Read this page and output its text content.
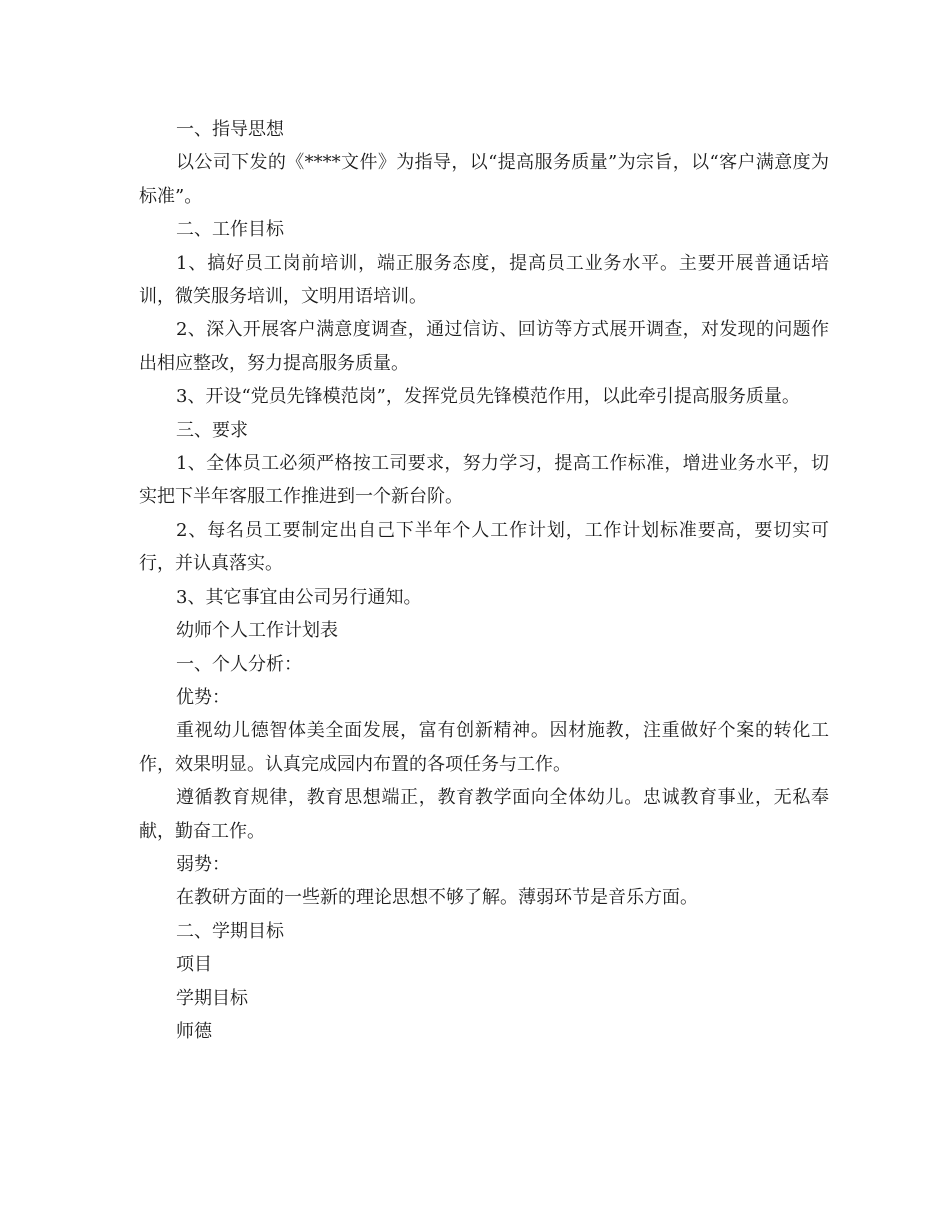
一、指导思想

以公司下发的《****文件》为指导，以“提高服务质量”为宗旨，以“客户满意度为标准”。

二、工作目标

1、搞好员工岗前培训，端正服务态度，提高员工业务水平。主要开展普通话培训，微笑服务培训，文明用语培训。

2、深入开展客户满意度调查，通过信访、回访等方式展开调查，对发现的问题作出相应整改，努力提高服务质量。

3、开设“党员先锋模范岗”，发挥党员先锋模范作用，以此牵引提高服务质量。

三、要求

1、全体员工必须严格按工司要求，努力学习，提高工作标准，增进业务水平，切实把下半年客服工作推进到一个新台阶。

2、每名员工要制定出自己下半年个人工作计划，工作计划标准要高，要切实可行，并认真落实。

3、其它事宜由公司另行通知。

幼师个人工作计划表

一、个人分析：

优势：

重视幼儿德智体美全面发展，富有创新精神。因材施教，注重做好个案的转化工作，效果明显。认真完成园内布置的各项任务与工作。

遵循教育规律，教育思想端正，教育教学面向全体幼儿。忠诚教育事业，无私奉献，勤奋工作。

弱势：

在教研方面的一些新的理论思想不够了解。薄弱环节是音乐方面。

二、学期目标

项目

学期目标

师德
